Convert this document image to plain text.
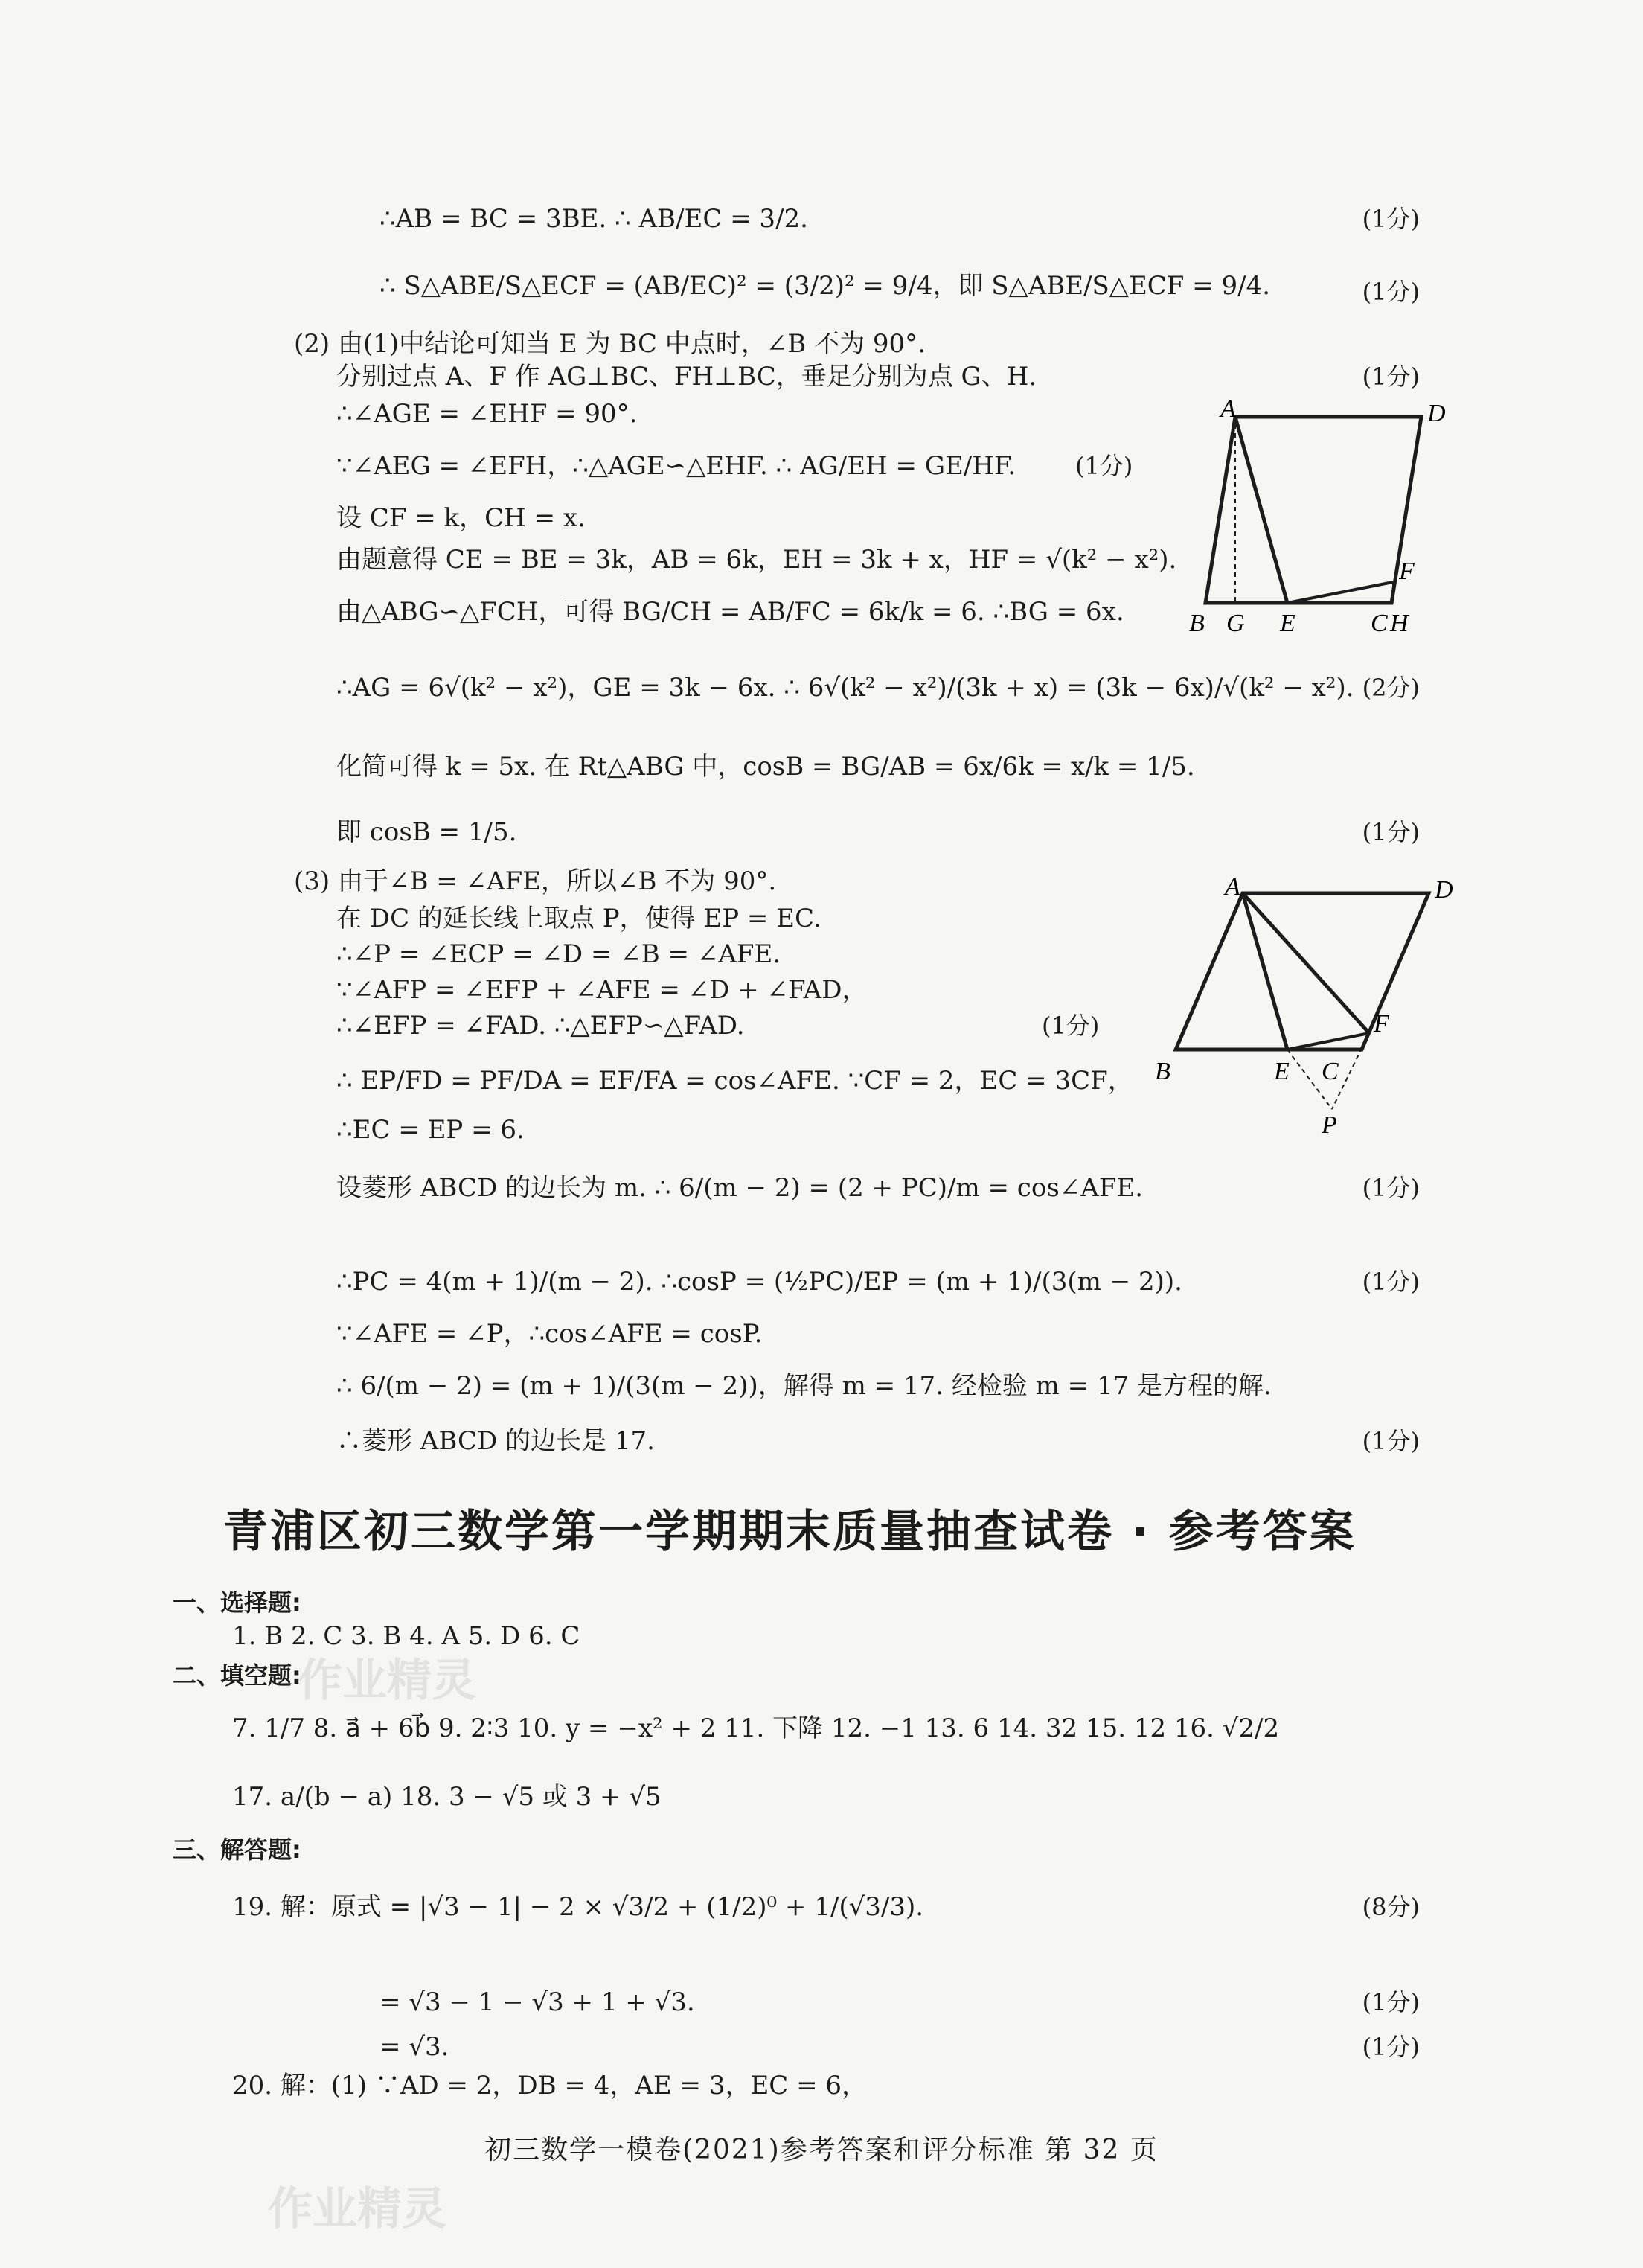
∴AB = BC = 3BE. ∴ AB/EC = 3/2.	(1分)
∴ S△ABE/S△ECF = (AB/EC)² = (3/2)² = 9/4，即 S△ABE/S△ECF = 9/4.	(1分)
(2) 由(1)中结论可知当 E 为 BC 中点时，∠B 不为 90°.
分别过点 A、F 作 AG⊥BC、FH⊥BC，垂足分别为点 G、H.	(1分)
∴∠AGE = ∠EHF = 90°.
∵∠AEG = ∠EFH，∴△AGE∽△EHF. ∴ AG/EH = GE/HF. (1分)
设 CF = k，CH = x.
由题意得 CE = BE = 3k，AB = 6k，EH = 3k + x，HF = √(k² − x²).
由△ABG∽△FCH，可得 BG/CH = AB/FC = 6k/k = 6. ∴BG = 6x.
∴AG = 6√(k² − x²)，GE = 3k − 6x. ∴ 6√(k² − x²)/(3k + x) = (3k − 6x)/√(k² − x²). (2分)
化简可得 k = 5x. 在 Rt△ABG 中，cosB = BG/AB = 6x/6k = x/k = 1/5.
即 cosB = 1/5.	(1分)
(3) 由于∠B = ∠AFE，所以∠B 不为 90°.
在 DC 的延长线上取点 P，使得 EP = EC.
∴∠P = ∠ECP = ∠D = ∠B = ∠AFE.
∵∠AFP = ∠EFP + ∠AFE = ∠D + ∠FAD，
∴∠EFP = ∠FAD. ∴△EFP∽△FAD.	(1分)
∴ EP/FD = PF/DA = EF/FA = cos∠AFE. ∵CF = 2，EC = 3CF，
∴EC = EP = 6.
设菱形 ABCD 的边长为 m. ∴ 6/(m − 2) = (2 + PC)/m = cos∠AFE.	(1分)
∴PC = 4(m + 1)/(m − 2). ∴cosP = (½PC)/EP = (m + 1)/(3(m − 2)).	(1分)
∵∠AFE = ∠P，∴cos∠AFE = cosP.
∴ 6/(m − 2) = (m + 1)/(3(m − 2))，解得 m = 17. 经检验 m = 17 是方程的解.
∴菱形 ABCD 的边长是 17.	(1分)
A	D
B G E	C H
F
A	D
B	E C
F
P
青浦区初三数学第一学期期末质量抽查试卷 · 参考答案
一、选择题:
1. B 2. C 3. B 4. A 5. D 6. C
二、填空题:
7. 1/7 8. a⃗ + 6b⃗ 9. 2∶3 10. y = −x² + 2 11. 下降 12. −1 13. 6 14. 32 15. 12 16. √2/2
17. a/(b − a) 18. 3 − √5 或 3 + √5
三、解答题:
19. 解：原式 = |√3 − 1| − 2 × √3/2 + (1/2)⁰ + 1/(√3/3).	(8分)
= √3 − 1 − √3 + 1 + √3.	(1分)
= √3.	(1分)
20. 解：(1) ∵AD = 2，DB = 4，AE = 3，EC = 6，
初三数学一模卷(2021)参考答案和评分标准 第 32 页
作业精灵
作业精灵
